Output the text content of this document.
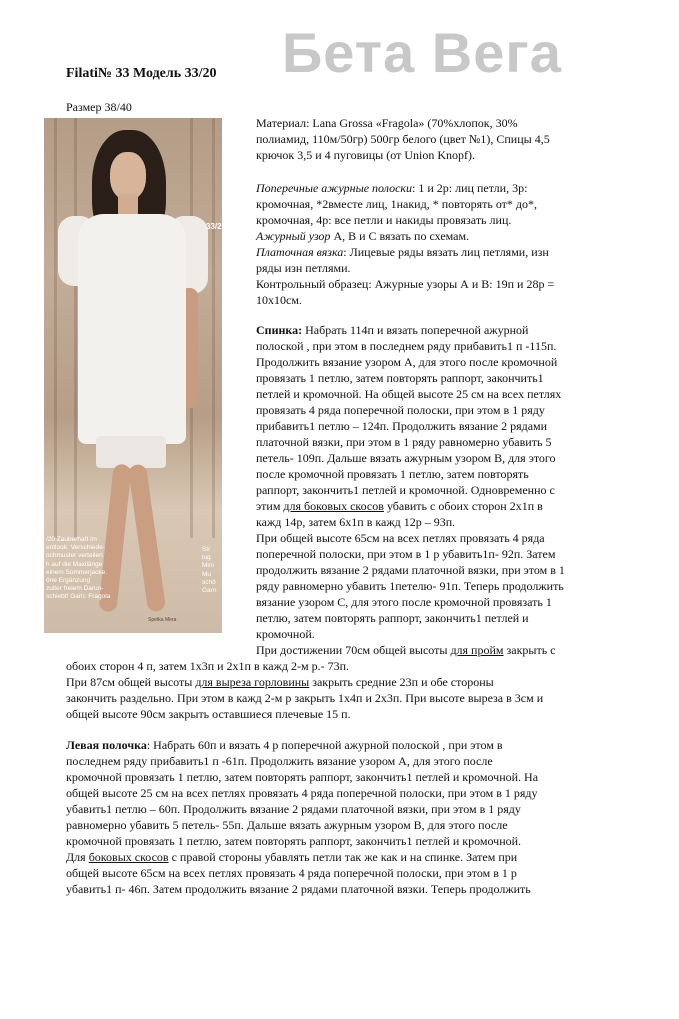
Бета Вега
Filati№ 33 Модель 33/20
Размер 38/40
33/20
/20 Zauberhaft im
entlook: Verschiede-
ochmuster verteilen
h auf die Maxilänge
einem Sommerjacke.
öne Ergänzung
zulter freiem Darun-
schiebt! Garn: Fragola
Str
lug
Mini
Mu
schö
Garn
Spetka Mera
Материал: Lana Grossa «Fragola» (70%хлопок, 30%
полиамид, 110м/50гр) 500гр белого (цвет №1), Спицы 4,5
крючок 3,5 и 4 пуговицы (от Union Knopf).
Поперечные ажурные полоски: 1 и 2р: лиц петли, 3р:
кромочная, *2вместе лиц, 1накид, * повторять от* до*,
кромочная, 4р: все петли и накиды провязать лиц.
Ажурный узор А, В и С вязать по схемам.
Платочная вязка: Лицевые ряды вязать лиц петлями, изн
ряды изн петлями.
Контрольный образец: Ажурные узоры А и В: 19п и 28р =
10х10см.
Спинка: Набрать 114п и вязать поперечной ажурной
полоской , при этом в последнем ряду прибавить1 п -115п.
Продолжить вязание узором А, для этого после кромочной
провязать 1 петлю, затем повторять раппорт, закончить1
петлей и кромочной. На общей высоте 25 см на всех петлях
провязать 4 ряда поперечной полоски, при этом в 1 ряду
прибавить1 петлю – 124п. Продолжить вязание 2 рядами
платочной вязки, при этом в 1 ряду равномерно убавить 5
петель- 109п. Дальше вязать ажурным узором В, для этого
после кромочной провязать 1 петлю, затем повторять
раппорт, закончить1 петлей и кромочной. Одновременно с
этим для боковых скосов убавить с обоих сторон 2х1п в
кажд 14р, затем 6х1п в кажд 12р – 93п.
При общей высоте 65см на всех петлях провязать 4 ряда
поперечной полоски, при этом в 1 р убавить1п- 92п. Затем
продолжить вязание 2 рядами платочной вязки, при этом в 1
ряду равномерно убавить 1петелю- 91п. Теперь продолжить
вязание узором С, для этого после кромочной провязать 1
петлю, затем повторять раппорт, закончить1 петлей и
кромочной.
При достижении 70см общей высоты для пройм закрыть с
обоих сторон 4 п, затем 1х3п и 2х1п в кажд 2-м р.- 73п.
При 87см общей высоты для выреза горловины закрыть средние 23п и обе стороны
закончить раздельно. При этом в кажд 2-м р закрыть 1х4п и 2х3п. При высоте выреза в 3см и
общей высоте 90см закрыть оставшиеся плечевые 15 п.
Левая полочка: Набрать 60п и вязать 4 р поперечной ажурной полоской , при этом в
последнем ряду прибавить1 п -61п. Продолжить вязание узором А, для этого после
кромочной провязать 1 петлю, затем повторять раппорт, закончить1 петлей и кромочной. На
общей высоте 25 см на всех петлях провязать 4 ряда поперечной полоски, при этом в 1 ряду
убавить1 петлю – 60п. Продолжить вязание 2 рядами платочной вязки, при этом в 1 ряду
равномерно убавить 5 петель- 55п. Дальше вязать ажурным узором В, для этого после
кромочной провязать 1 петлю, затем повторять раппорт, закончить1 петлей и кромочной.
Для боковых скосов с правой стороны убавлять петли так же как и на спинке. Затем при
общей высоте 65см на всех петлях провязать 4 ряда поперечной полоски, при этом в 1 р
убавить1 п- 46п. Затем продолжить вязание 2 рядами платочной вязки. Теперь продолжить
